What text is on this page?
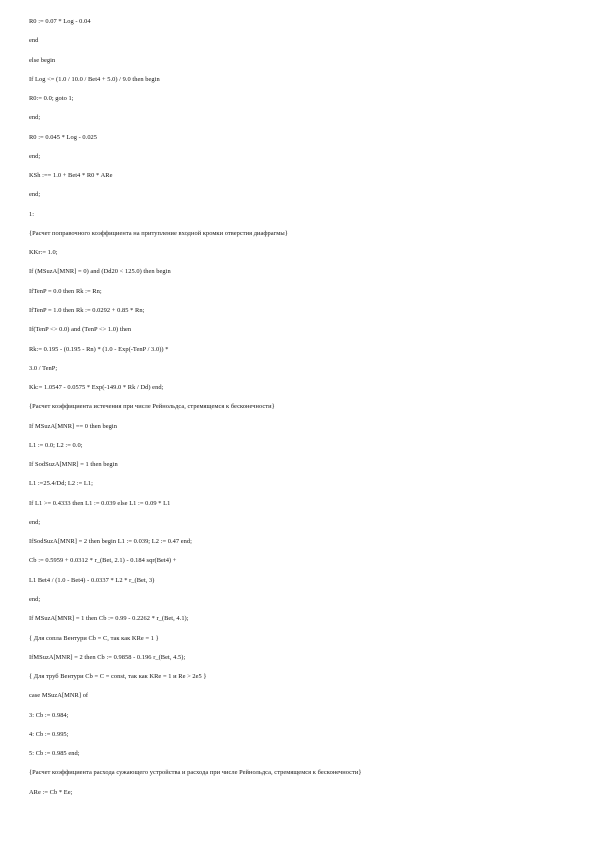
R0 := 0.07 * Log - 0.04
end
else begin
If Log <= (1.0 / 10.0 / Bet4 + 5.0) / 9.0 then begin
R0:= 0.0; goto 1;
end;
R0 := 0.045 * Log - 0.025
end;
KSh :== 1.0 + Bet4 * R0 * ARe
end;
1:
{Расчет поправочного коэффициента на притупление входной кромки отверстия диафрагмы}
KKr:= 1.0;
If (MSuzA[MNR] = 0) and (Dd20 < 125.0) then begin
IfTenP = 0.0 then Rk := Rn;
IfTenP = 1.0 then Rk := 0.0292 + 0.85 * Rn;
If(TenP <> 0.0) and (TenP <> 1.0) then
Rk:= 0.195 - (0.195 - Rn) * (1.0 - Exp(-TenP / 3.0)) *
3.0 / TenP;
Kk:= 1.0547 - 0.0575 * Exp(-149.0 * Rk / Dd) end;
{Расчет коэффициента истечения при числе Рейнольдса, стремящемся к бесконечности}
If MSuzA[MNR] == 0 then begin
L1 := 0.0; L2 := 0.0;
If SodSuzA[MNR] = 1 then begin
L1 :=25.4/Dd; L2 := L1;
If L1 >= 0.4333 then L1 := 0.039 else L1 := 0.09 * L1
end;
IfSodSuzA[MNR] = 2 then begin L1 := 0.039; L2 := 0.47 end;
Cb := 0.5959 + 0.0312 * r_(Bet, 2.1) - 0.184 sqr(Bet4) +
L1 Bet4 / (1.0 - Bet4) - 0.0337 * L2 * r_(Bet, 3)
end;
If MSuzA[MNR] = 1 then Cb := 0.99 - 0.2262 * r_(Bet, 4.1);
{ Для сопла Вентури Cb = C, так как KRe = 1 }
IfMSuzA[MNR] = 2 then Cb := 0.9858 - 0.196 r_(Bet, 4.5);
{ Для труб Вентури Cb = C = const, так как KRe = 1 и Re > 2e5 }
case MSuzA[MNR] of
3: Cb := 0.984;
4: Cb := 0.995;
5: Cb := 0.985 end;
{Расчет коэффициента расхода сужающего устройства и расхода при числе Рейнольдса, стремящемся к бесконечности}
ARe := Cb * Ee;
